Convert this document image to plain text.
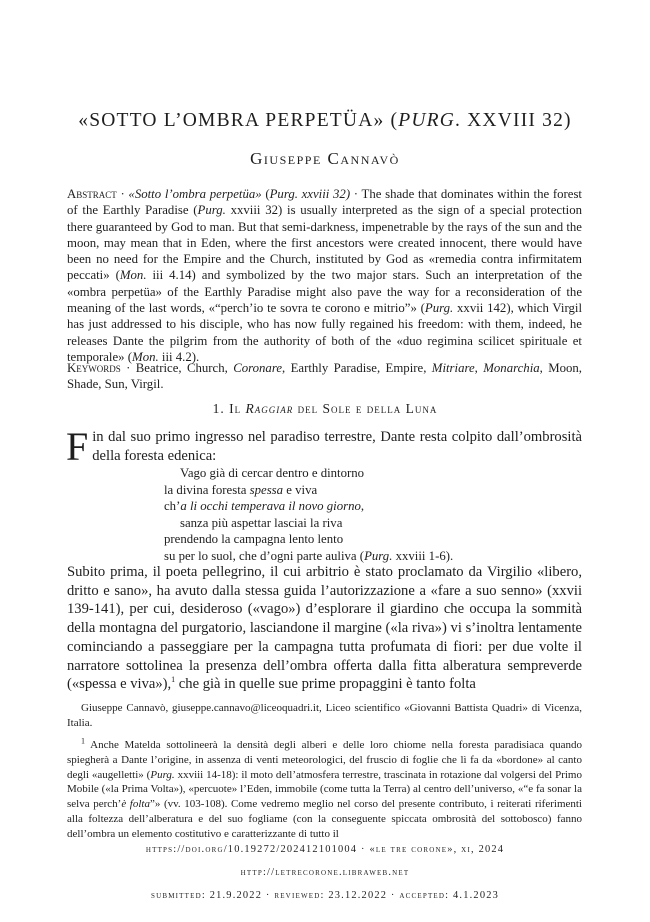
«SOTTO L’OMBRA PERPETÜA» (PURG. XXVIII 32)
Giuseppe Cannavò

Abstract · «Sotto l’ombra perpetüa» (Purg. xxviii 32) · The shade that dominates within the forest of the Earthly Paradise (Purg. xxviii 32) is usually interpreted as the sign of a special protection there guaranteed by God to man. But that semi-darkness, impenetrable by the rays of the sun and the moon, may mean that in Eden, where the first ancestors were created innocent, there would have been no need for the Empire and the Church, instituted by God as «remedia contra infirmitatem peccati» (Mon. iii 4.14) and symbolized by the two major stars. Such an interpretation of the «ombra perpetüa» of the Earthly Paradise might also pave the way for a reconsideration of the meaning of the last words, «“perch’io te sovra te corono e mitrio”» (Purg. xxvii 142), which Virgil has just addressed to his disciple, who has now fully regained his freedom: with them, indeed, he releases Dante the pilgrim from the authority of both of the «duo regimina scilicet spirituale et temporale» (Mon. iii 4.2).

Keywords · Beatrice, Church, Coronare, Earthly Paradise, Empire, Mitriare, Monarchia, Moon, Shade, Sun, Virgil.

1. Il Raggiar del Sole e della Luna

Fin dal suo primo ingresso nel paradiso terrestre, Dante resta colpito dall’ombrosità della foresta edenica:

Vago già di cercar dentro e dintorno
la divina foresta spessa e viva
ch’a li occhi temperava il novo giorno,
sanza più aspettar lasciai la riva
prendendo la campagna lento lento
su per lo suol, che d’ogni parte auliva (Purg. xxviii 1-6).

Subito prima, il poeta pellegrino, il cui arbitrio è stato proclamato da Virgilio «libero, dritto e sano», ha avuto dalla stessa guida l’autorizzazione a «fare a suo senno» (xxvii 139-141), per cui, desideroso («vago») d’esplorare il giardino che occupa la sommità della montagna del purgatorio, lasciandone il margine («la riva») vi s’inoltra lentamente cominciando a passeggiare per la campagna tutta profumata di fiori: per due volte il narratore sottolinea la presenza dell’ombra offerta dalla fitta alberatura sempreverde («spessa e viva»),$^1$ che già in quelle sue prime propaggini è tanto folta

Giuseppe Cannavò, giuseppe.cannavo@liceoquadri.it, Liceo scientifico «Giovanni Battista Quadri» di Vicenza, Italia.

$^1$ Anche Matelda sottolineerà la densità degli alberi e delle loro chiome nella foresta paradisiaca quando spiegherà a Dante l’origine, in assenza di venti meteorologici, del fruscio di foglie che lì fa da «bordone» al canto degli «augelletti» (Purg. xxviii 14-18): il moto dell’atmosfera terrestre, trascinata in rotazione dal volgersi del Primo Mobile («la Prima Volta»), «percuote» l’Eden, immobile (come tutta la Terra) al centro dell’universo, «“e fa sonar la selva perch’è folta”» (vv. 103-108). Come vedremo meglio nel corso del presente contributo, i reiterati riferimenti alla foltezza dell’alberatura e del suo fogliame (con la conseguente spiccata ombrosità del sottobosco) fanno dell’ombra un elemento costitutivo e caratterizzante di tutto il

https://doi.org/10.19272/202412101004 · «le tre corone», xi, 2024
http://letrecorone.libraweb.net
submitted: 21.9.2022 · reviewed: 23.12.2022 · accepted: 4.1.2023
